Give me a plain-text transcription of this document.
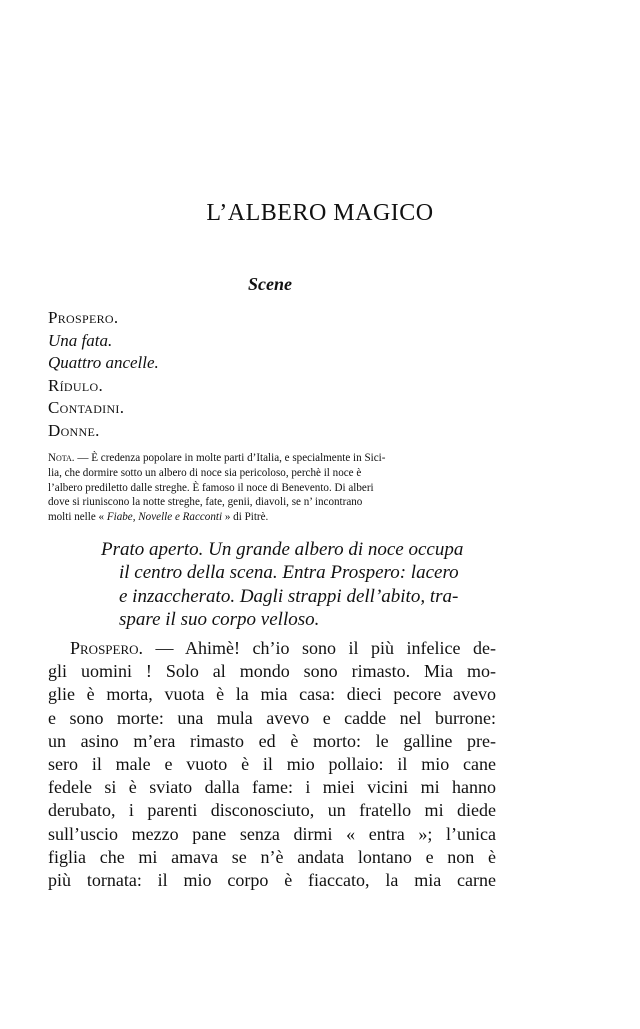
L’ALBERO MAGICO
Scene
Prospero.
Una fata.
Quattro ancelle.
Rídulo.
Contadini.
Donne.
Nota. — È credenza popolare in molte parti d’Italia, e specialmente in Sici-
lia, che dormire sotto un albero di noce sia pericoloso, perchè il noce è
l’albero prediletto dalle streghe. È famoso il noce di Benevento. Di alberi
dove si riuniscono la notte streghe, fate, genii, diavoli, se n’ incontrano
molti nelle « Fiabe, Novelle e Racconti » di Pitrè.
Prato aperto. Un grande albero di noce occupa
il centro della scena. Entra Prospero: lacero
e inzaccherato. Dagli strappi dell’abito, tra-
spare il suo corpo velloso.
Prospero. — Ahimè! ch’io sono il più infelice de-
gli uomini ! Solo al mondo sono rimasto. Mia mo-
glie è morta, vuota è la mia casa: dieci pecore avevo
e sono morte: una mula avevo e cadde nel burrone:
un asino m’era rimasto ed è morto: le galline pre-
sero il male e vuoto è il mio pollaio: il mio cane
fedele si è sviato dalla fame: i miei vicini mi hanno
derubato, i parenti disconosciuto, un fratello mi diede
sull’uscio mezzo pane senza dirmi « entra »; l’unica
figlia che mi amava se n’è andata lontano e non è
più tornata: il mio corpo è fiaccato, la mia carne
